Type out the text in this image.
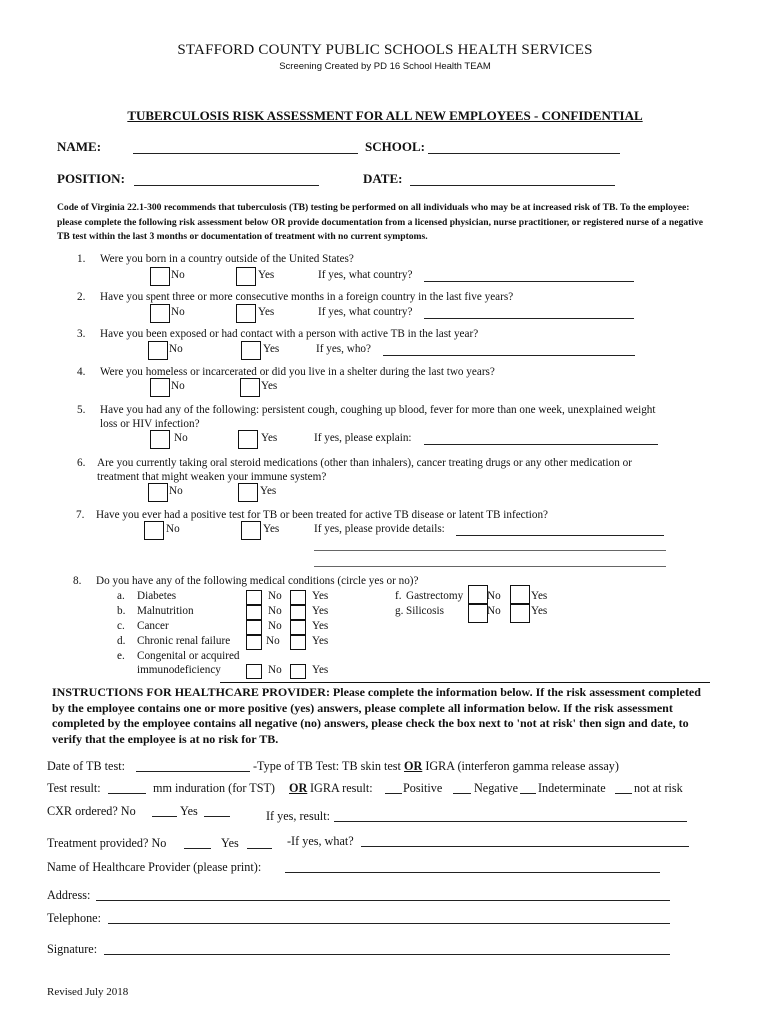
STAFFORD COUNTY PUBLIC SCHOOLS HEALTH SERVICES
Screening Created by PD 16 School Health TEAM
TUBERCULOSIS RISK ASSESSMENT FOR ALL NEW EMPLOYEES - CONFIDENTIAL
NAME:	SCHOOL:
POSITION:	DATE:
Code of Virginia 22.1-300 recommends that tuberculosis (TB) testing be performed on all individuals who may be at increased risk of TB. To the employee: please complete the following risk assessment below OR provide documentation from a licensed physician, nurse practitioner, or registered nurse of a negative TB test within the last 3 months or documentation of treatment with no current symptoms.
1. Were you born in a country outside of the United States?
No	Yes	If yes, what country?
2. Have you spent three or more consecutive months in a foreign country in the last five years?
No	Yes	If yes, what country?
3. Have you been exposed or had contact with a person with active TB in the last year?
No	Yes	If yes, who?
4. Were you homeless or incarcerated or did you live in a shelter during the last two years?
No	Yes
5. Have you had any of the following: persistent cough, coughing up blood, fever for more than one week, unexplained weight
loss or HIV infection?
No	Yes	If yes, please explain:
6. Are you currently taking oral steroid medications (other than inhalers), cancer treating drugs or any other medication or
treatment that might weaken your immune system?
No	Yes
7. Have you ever had a positive test for TB or been treated for active TB disease or latent TB infection?
No	Yes	If yes, please provide details:
8. Do you have any of the following medical conditions (circle yes or no)?
a. Diabetes	No	Yes
b. Malnutrition	No	Yes
c. Cancer	No	Yes
d. Chronic renal failure	No	Yes
e. Congenital or acquired
immunodeficiency	No	Yes
f. Gastrectomy No	Yes
g. Silicosis	No	Yes
INSTRUCTIONS FOR HEALTHCARE PROVIDER: Please complete the information below. If the risk assessment completed by the employee contains one or more positive (yes) answers, please complete all information below. If the risk assessment completed by the employee contains all negative (no) answers, please check the box next to 'not at risk' then sign and date, to verify that the employee is at no risk for TB.
Date of TB test:	-Type of TB Test: TB skin test OR IGRA (interferon gamma release assay)
Test result:	mm induration (for TST) OR IGRA result: Positive	Negative Indeterminate not at risk
CXR ordered? No	Yes	If yes, result:
Treatment provided? No	Yes	-If yes, what?
Name of Healthcare Provider (please print):
Address:
Telephone:
Signature:
Revised July 2018
